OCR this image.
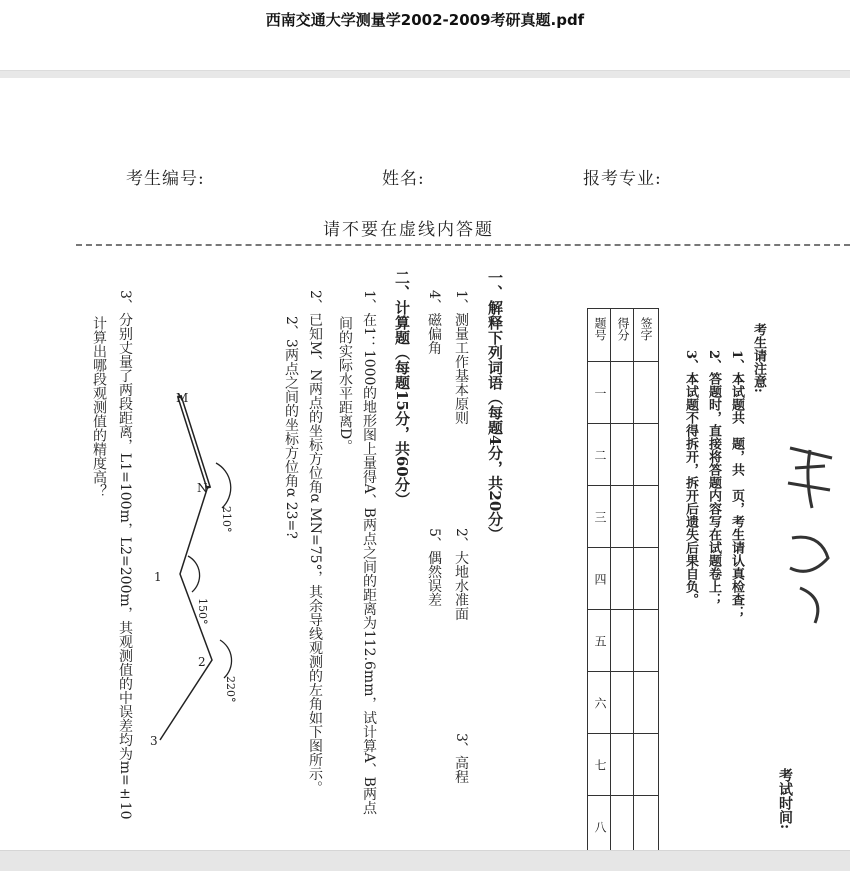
西南交通大学测量学2002-2009考研真题.pdf
考生编号:	姓名:	报考专业:
请不要在虚线内答题
考生请注意:
1、本试题共　题，共　页，考生请认真检查；
2、答题时，直接将答题内容写在试题卷上；
3、本试题不得拆开，拆开后遗失后果自负。
考试时间:
题号 得分 签字
一
二
三
四
五
六
七
八
一、解释下列词语（每题4分，共20分）
1、测量工作基本原则
2、大地水准面
3、高程
4、磁偏角
5、偶然误差
二、计算题（每题15分，共60分）
1、在1：1000的地形图上量得A、B两点之间的距离为112.6mm，试计算A、B两点
间的实际水平距离D。
2、已知M、N两点的坐标方位角α MN=75°，其余导线观测的左角如下图所示。
2、3两点之间的坐标方位角α 23=?
M
N
1
2
3
210°
150°
220°
3、分别丈量了两段距离，L1=100m，L2=200m，其观测值的中误差均为m=±10
计算出哪段观测值的精度高？
